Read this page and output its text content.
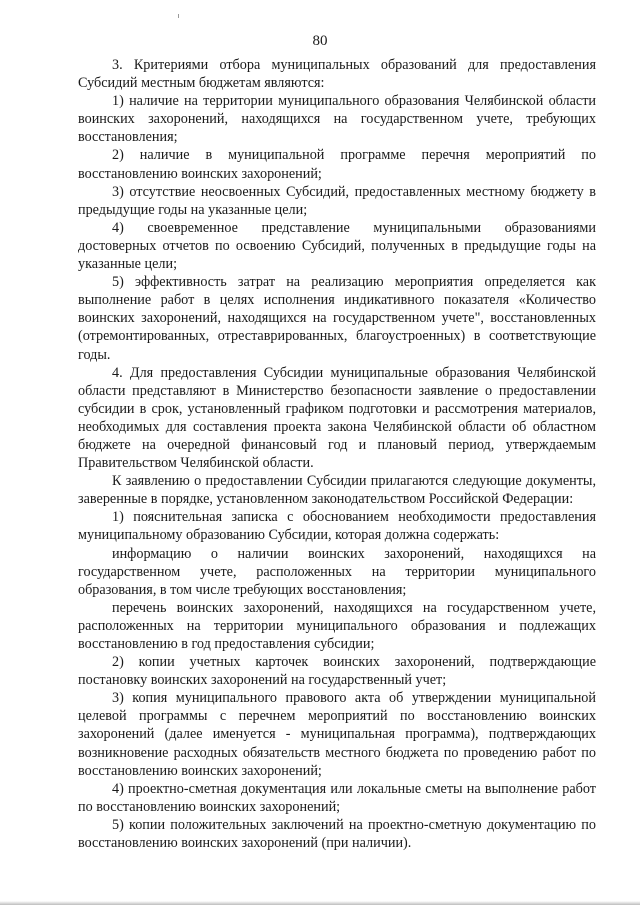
80

3. Критериями отбора муниципальных образований для предоставления Субсидий местным бюджетам являются:

1) наличие на территории муниципального образования Челябинской области воинских захоронений, находящихся на государственном учете, требующих восстановления;

2) наличие в муниципальной программе перечня мероприятий по восстановлению воинских захоронений;

3) отсутствие неосвоенных Субсидий, предоставленных местному бюджету в предыдущие годы на указанные цели;

4) своевременное представление муниципальными образованиями достоверных отчетов по освоению Субсидий, полученных в предыдущие годы на указанные цели;

5) эффективность затрат на реализацию мероприятия определяется как выполнение работ в целях исполнения индикативного показателя «Количество воинских захоронений, находящихся на государственном учете", восстановленных (отремонтированных, отреставрированных, благоустроенных) в соответствующие годы.

4. Для предоставления Субсидии муниципальные образования Челябинской области представляют в Министерство безопасности заявление о предоставлении субсидии в срок, установленный графиком подготовки и рассмотрения материалов, необходимых для составления проекта закона Челябинской области об областном бюджете на очередной финансовый год и плановый период, утверждаемым Правительством Челябинской области.

К заявлению о предоставлении Субсидии прилагаются следующие документы, заверенные в порядке, установленном законодательством Российской Федерации:

1) пояснительная записка с обоснованием необходимости предоставления муниципальному образованию Субсидии, которая должна содержать:

информацию о наличии воинских захоронений, находящихся на государственном учете, расположенных на территории муниципального образования, в том числе требующих восстановления;

перечень воинских захоронений, находящихся на государственном учете, расположенных на территории муниципального образования и подлежащих восстановлению в год предоставления субсидии;

2) копии учетных карточек воинских захоронений, подтверждающие постановку воинских захоронений на государственный учет;

3) копия муниципального правового акта об утверждении муниципальной целевой программы с перечнем мероприятий по восстановлению воинских захоронений (далее именуется - муниципальная программа), подтверждающих возникновение расходных обязательств местного бюджета по проведению работ по восстановлению воинских захоронений;

4) проектно-сметная документация или локальные сметы на выполнение работ по восстановлению воинских захоронений;

5) копии положительных заключений на проектно-сметную документацию по восстановлению воинских захоронений (при наличии).
